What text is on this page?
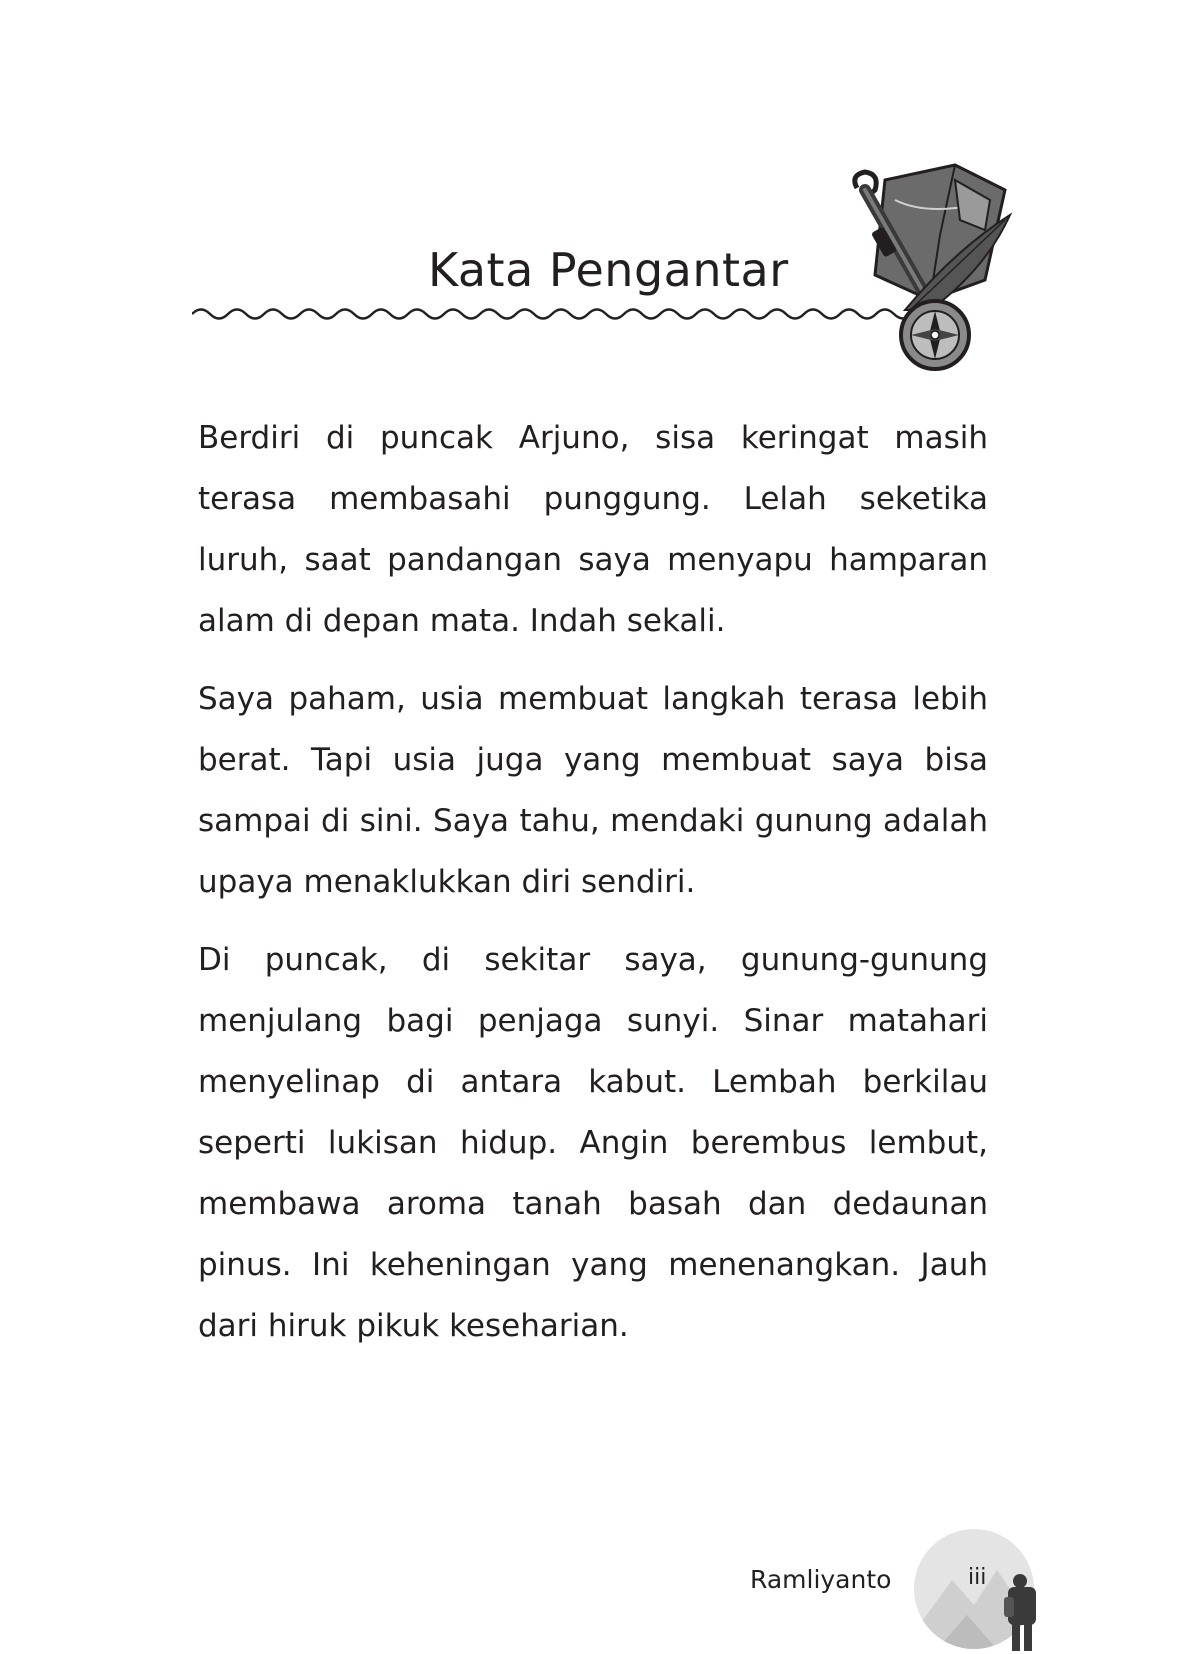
Kata Pengantar

Berdiri di puncak Arjuno, sisa keringat masih terasa membasahi punggung. Lelah seketika luruh, saat pandangan saya menyapu hamparan alam di depan mata. Indah sekali.

Saya paham, usia membuat langkah terasa lebih berat. Tapi usia juga yang membuat saya bisa sampai di sini. Saya tahu, mendaki gunung adalah upaya menaklukkan diri sendiri.

Di puncak, di sekitar saya, gunung-gunung menjulang bagi penjaga sunyi. Sinar matahari menyelinap di antara kabut. Lembah berkilau seperti lukisan hidup. Angin berembus lembut, membawa aroma tanah basah dan dedaunan pinus. Ini keheningan yang menenangkan. Jauh dari hiruk pikuk keseharian.

Ramliyanto	iii
